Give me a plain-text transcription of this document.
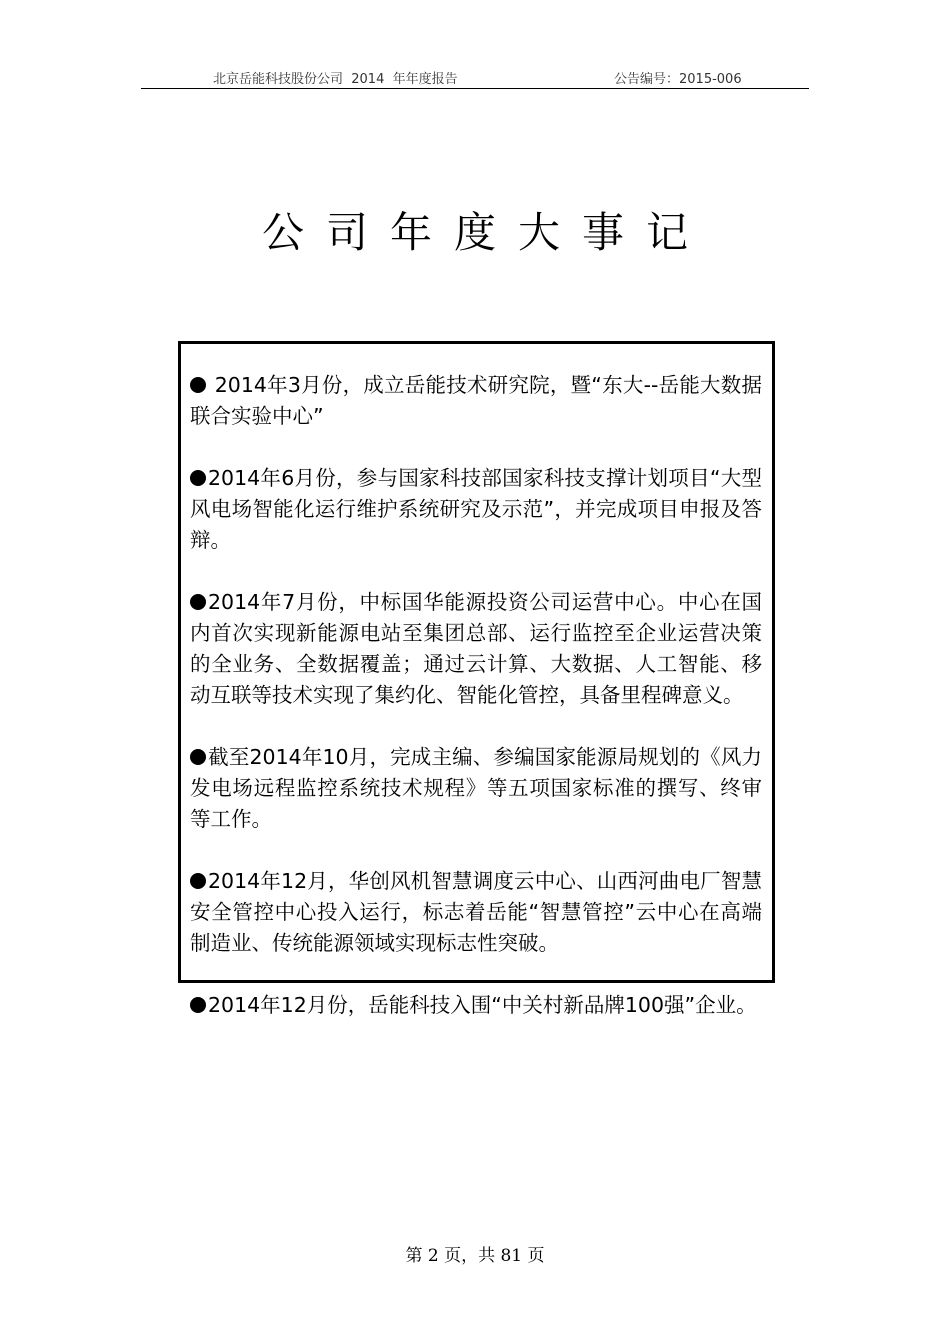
北京岳能科技股份公司  2014  年年度报告	公告编号：2015-006
公司年度大事记

2014年3月份，成立岳能技术研究院，暨“东大--岳能大数据联合实验中心”

2014年6月份，参与国家科技部国家科技支撑计划项目“大型风电场智能化运行维护系统研究及示范”，并完成项目申报及答辩。

2014年7月份，中标国华能源投资公司运营中心。中心在国内首次实现新能源电站至集团总部、运行监控至企业运营决策的全业务、全数据覆盖；通过云计算、大数据、人工智能、移动互联等技术实现了集约化、智能化管控，具备里程碑意义。

截至2014年10月，完成主编、参编国家能源局规划的《风力发电场远程监控系统技术规程》等五项国家标准的撰写、终审等工作。

2014年12月，华创风机智慧调度云中心、山西河曲电厂智慧安全管控中心投入运行，标志着岳能“智慧管控”云中心在高端制造业、传统能源领域实现标志性突破。

2014年12月份，岳能科技入围“中关村新品牌100强”企业。

第 2 页，共 81 页
